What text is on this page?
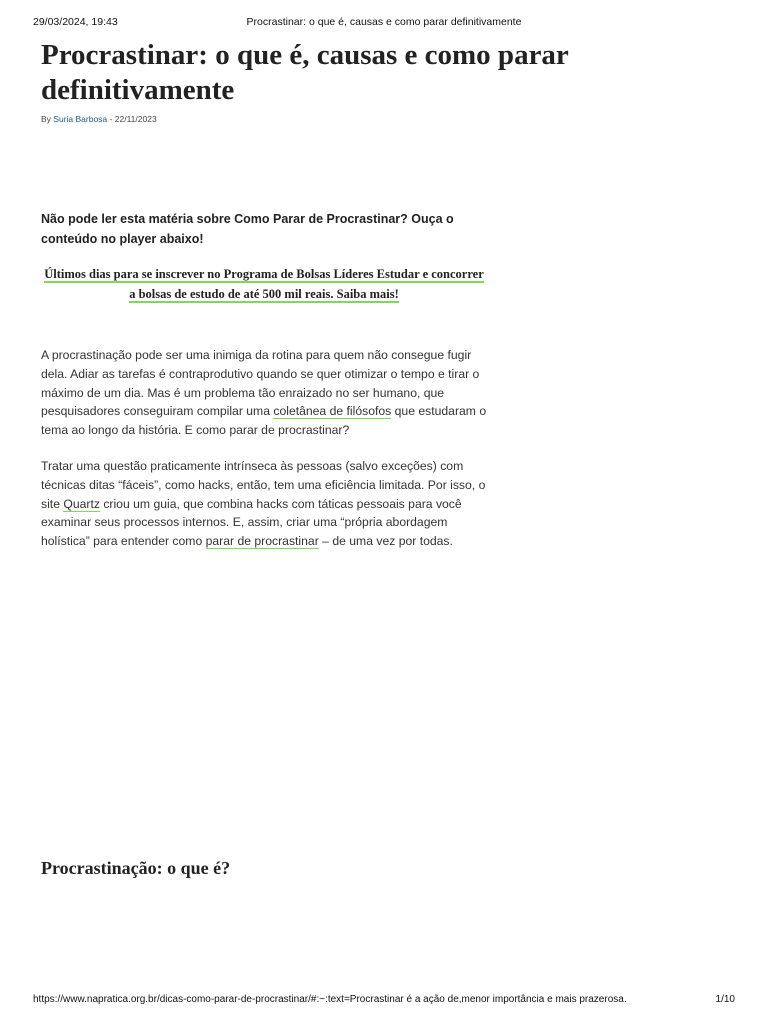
29/03/2024, 19:43	Procrastinar: o que é, causas e como parar definitivamente
Procrastinar: o que é, causas e como parar definitivamente
By Suria Barbosa - 22/11/2023

Não pode ler esta matéria sobre Como Parar de Procrastinar? Ouça o conteúdo no player abaixo!

Últimos dias para se inscrever no Programa de Bolsas Líderes Estudar e concorrer a bolsas de estudo de até 500 mil reais. Saiba mais!

A procrastinação pode ser uma inimiga da rotina para quem não consegue fugir dela. Adiar as tarefas é contraprodutivo quando se quer otimizar o tempo e tirar o máximo de um dia. Mas é um problema tão enraizado no ser humano, que pesquisadores conseguiram compilar uma coletânea de filósofos que estudaram o tema ao longo da história. E como parar de procrastinar?

Tratar uma questão praticamente intrínseca às pessoas (salvo exceções) com técnicas ditas “fáceis”, como hacks, então, tem uma eficiência limitada. Por isso, o site Quartz criou um guia, que combina hacks com táticas pessoais para você examinar seus processos internos. E, assim, criar uma “própria abordagem holística” para entender como parar de procrastinar – de uma vez por todas.

Procrastinação: o que é?
https://www.napratica.org.br/dicas-como-parar-de-procrastinar/#:~:text=Procrastinar é a ação de,menor importância e mais prazerosa.	1/10
